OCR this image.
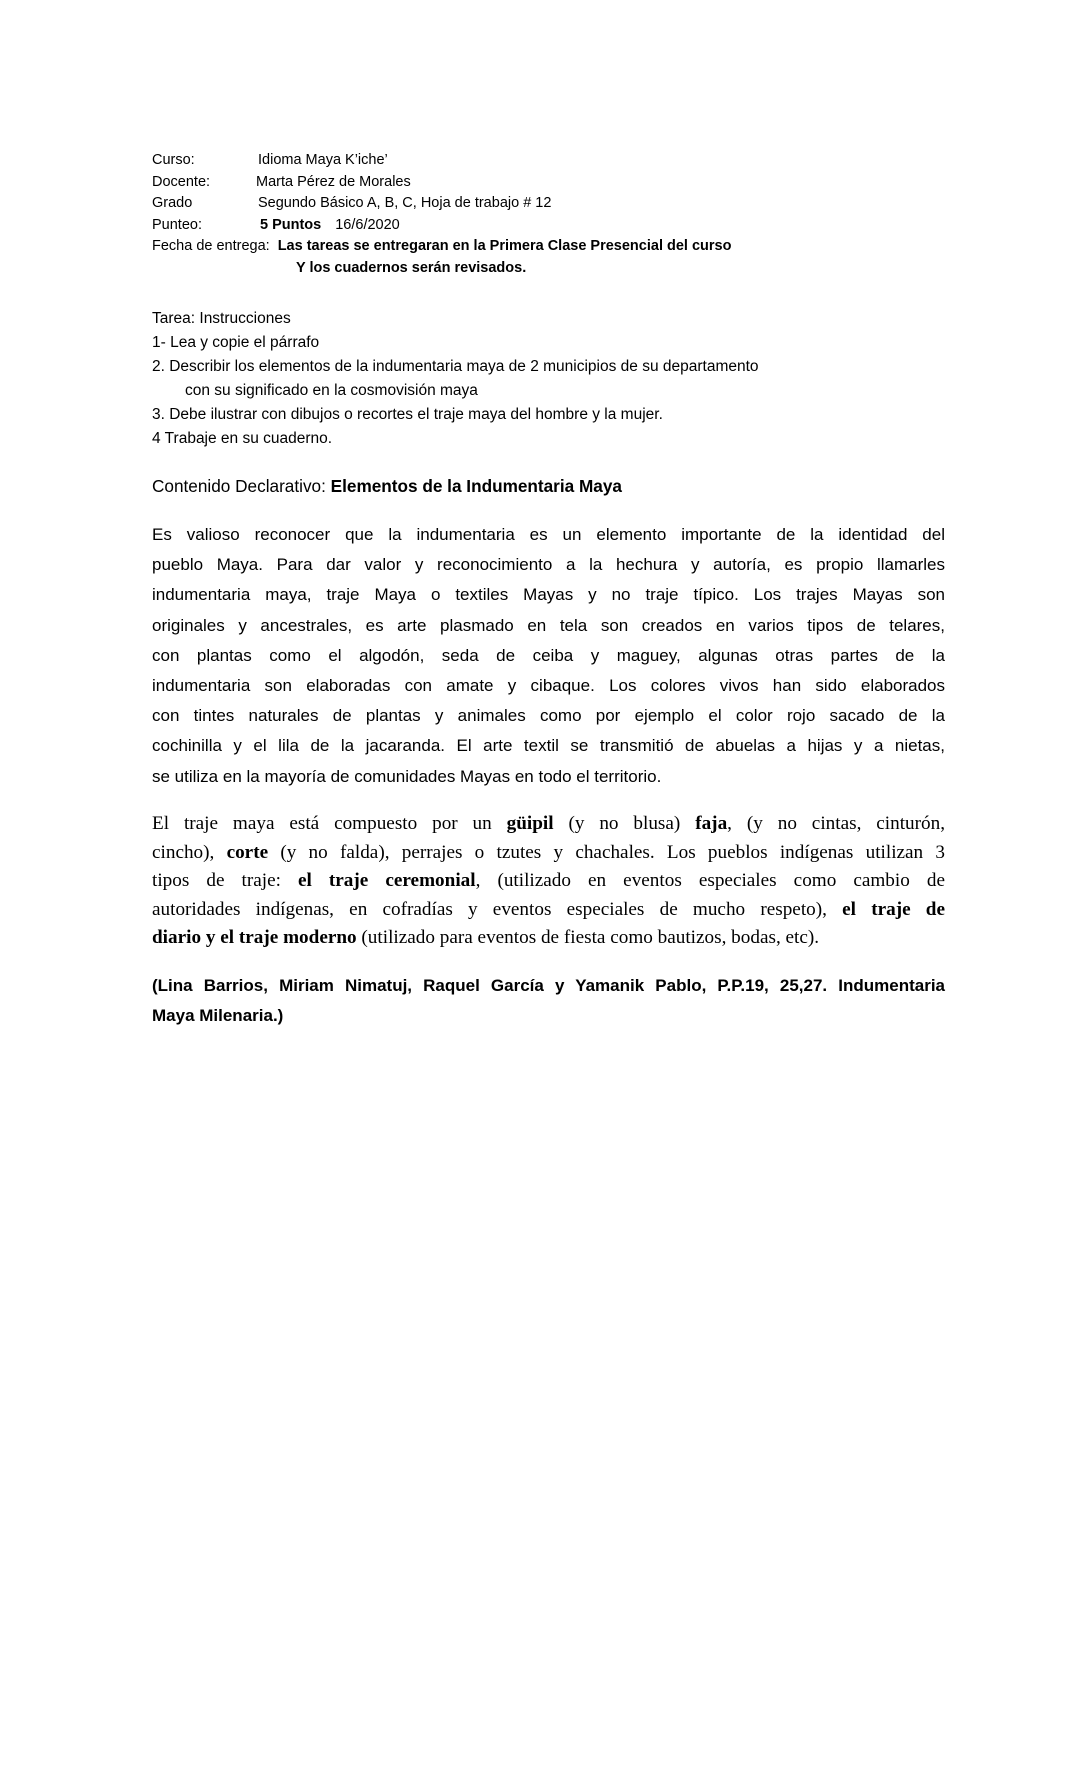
Curso:	Idioma Maya K’iche’
Docente:	Marta Pérez de Morales
Grado	Segundo Básico A, B, C, Hoja de trabajo # 12
Punteo:	5 Puntos 16/6/2020
Fecha de entrega: Las tareas se entregaran en la Primera Clase Presencial del curso
Y los cuadernos serán revisados.
Tarea: Instrucciones
1- Lea y copie el párrafo
2. Describir los elementos de la indumentaria maya de 2 municipios de su departamento
con su significado en la cosmovisión maya
3. Debe ilustrar con dibujos o recortes el traje maya del hombre y la mujer.
4 Trabaje en su cuaderno.
Contenido Declarativo: Elementos de la Indumentaria Maya
Es valioso reconocer que la indumentaria es un elemento importante de la identidad del
pueblo Maya. Para dar valor y reconocimiento a la hechura y autoría, es propio llamarles
indumentaria maya, traje Maya o textiles Mayas y no traje típico. Los trajes Mayas son
originales y ancestrales, es arte plasmado en tela son creados en varios tipos de telares,
con plantas como el algodón, seda de ceiba y maguey, algunas otras partes de la
indumentaria son elaboradas con amate y cibaque. Los colores vivos han sido elaborados
con tintes naturales de plantas y animales como por ejemplo el color rojo sacado de la
cochinilla y el lila de la jacaranda. El arte textil se transmitió de abuelas a hijas y a nietas,
se utiliza en la mayoría de comunidades Mayas en todo el territorio.
El traje maya está compuesto por un güipil (y no blusa) faja, (y no cintas, cinturón,
cincho), corte (y no falda), perrajes o tzutes y chachales. Los pueblos indígenas utilizan 3
tipos de traje: el traje ceremonial, (utilizado en eventos especiales como cambio de
autoridades indígenas, en cofradías y eventos especiales de mucho respeto), el traje de
diario y el traje moderno (utilizado para eventos de fiesta como bautizos, bodas, etc).
(Lina Barrios, Miriam Nimatuj, Raquel García y Yamanik Pablo, P.P.19, 25,27. Indumentaria
Maya Milenaria.)
